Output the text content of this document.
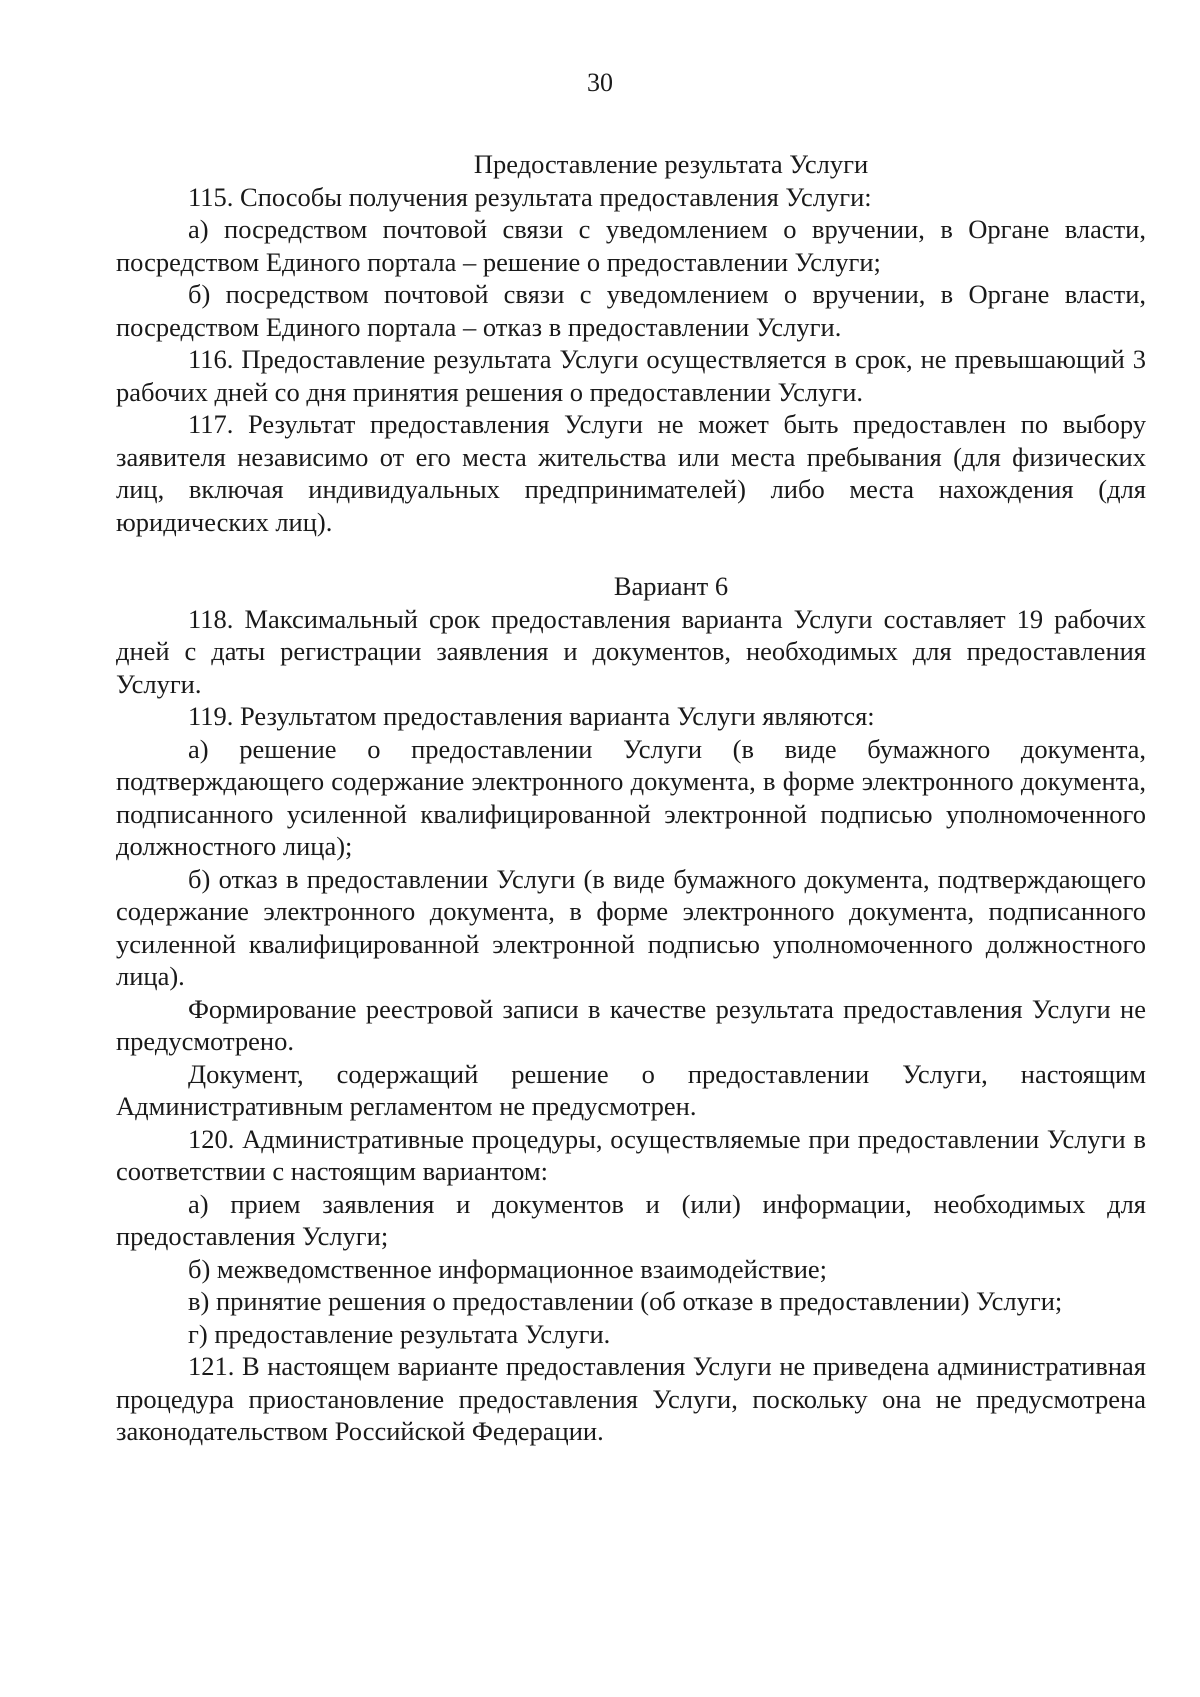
30
Предоставление результата Услуги

115. Способы получения результата предоставления Услуги:

а) посредством почтовой связи с уведомлением о вручении, в Органе власти, посредством Единого портала – решение о предоставлении Услуги;

б) посредством почтовой связи с уведомлением о вручении, в Органе власти, посредством Единого портала – отказ в предоставлении Услуги.

116. Предоставление результата Услуги осуществляется в срок, не превышающий 3 рабочих дней со дня принятия решения о предоставлении Услуги.

117. Результат предоставления Услуги не может быть предоставлен по выбору заявителя независимо от его места жительства или места пребывания (для физических лиц, включая индивидуальных предпринимателей) либо места нахождения (для юридических лиц).

Вариант 6

118. Максимальный срок предоставления варианта Услуги составляет 19 рабочих дней с даты регистрации заявления и документов, необходимых для предоставления Услуги.

119. Результатом предоставления варианта Услуги являются:

а) решение о предоставлении Услуги (в виде бумажного документа, подтверждающего содержание электронного документа, в форме электронного документа, подписанного усиленной квалифицированной электронной подписью уполномоченного должностного лица);

б) отказ в предоставлении Услуги (в виде бумажного документа, подтверждающего содержание электронного документа, в форме электронного документа, подписанного усиленной квалифицированной электронной подписью уполномоченного должностного лица).

Формирование реестровой записи в качестве результата предоставления Услуги не предусмотрено.

Документ, содержащий решение о предоставлении Услуги, настоящим Административным регламентом не предусмотрен.

120. Административные процедуры, осуществляемые при предоставлении Услуги в соответствии с настоящим вариантом:

а) прием заявления и документов и (или) информации, необходимых для предоставления Услуги;

б) межведомственное информационное взаимодействие;

в) принятие решения о предоставлении (об отказе в предоставлении) Услуги;

г) предоставление результата Услуги.

121. В настоящем варианте предоставления Услуги не приведена административная процедура приостановление предоставления Услуги, поскольку она не предусмотрена законодательством Российской Федерации.
